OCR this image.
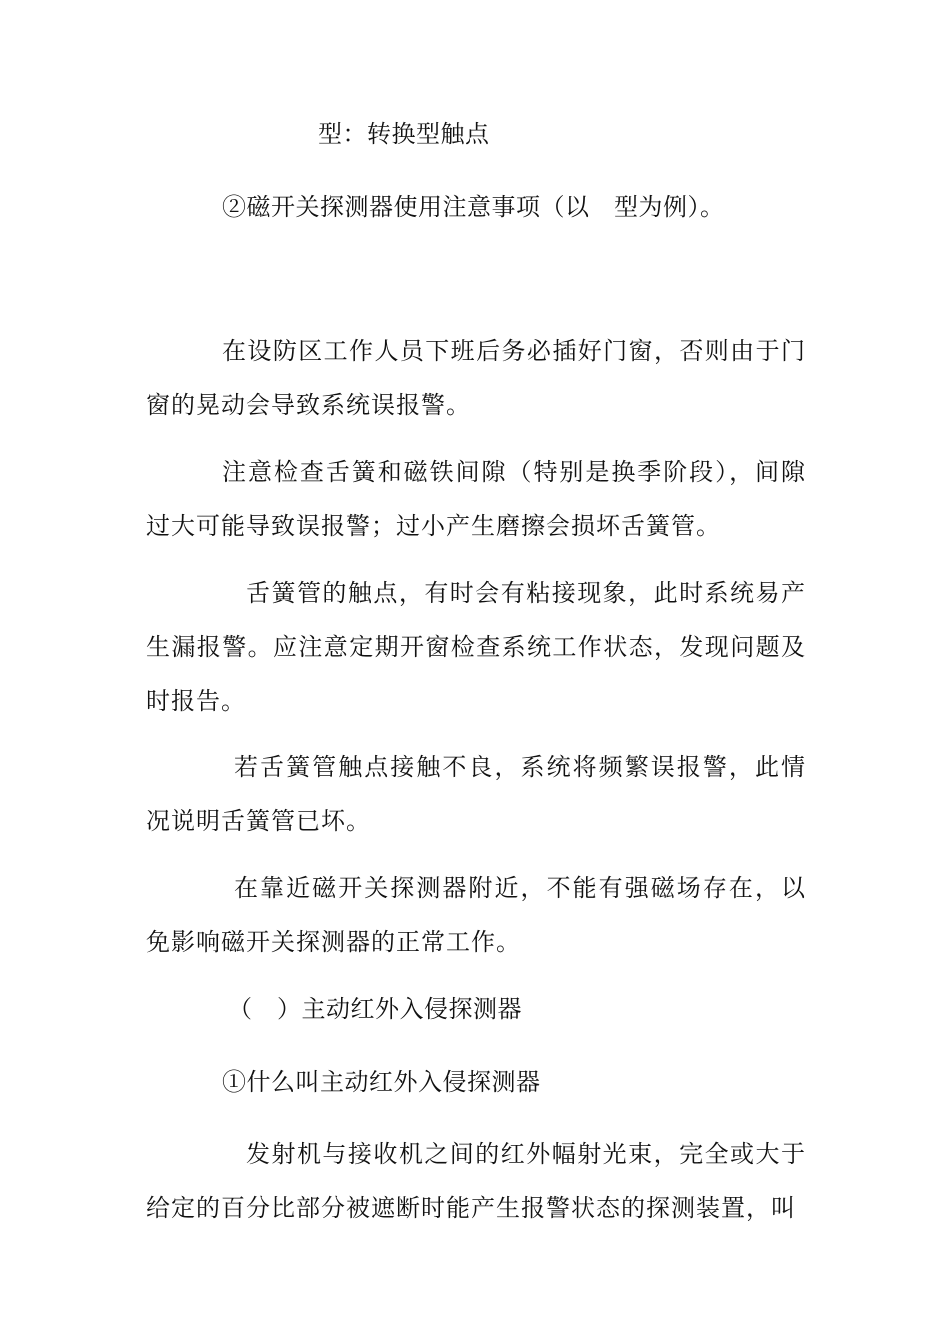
型：转换型触点
②磁开关探测器使用注意事项（以　型为例）。
在设防区工作人员下班后务必插好门窗，否则由于门窗的晃动会导致系统误报警。
注意检查舌簧和磁铁间隙（特别是换季阶段），间隙过大可能导致误报警；过小产生磨擦会损坏舌簧管。
舌簧管的触点，有时会有粘接现象，此时系统易产生漏报警。应注意定期开窗检查系统工作状态，发现问题及时报告。
若舌簧管触点接触不良，系统将频繁误报警，此情况说明舌簧管已坏。
在靠近磁开关探测器附近，不能有强磁场存在，以免影响磁开关探测器的正常工作。
（　）主动红外入侵探测器
①什么叫主动红外入侵探测器
发射机与接收机之间的红外幅射光束，完全或大于给定的百分比部分被遮断时能产生报警状态的探测装置，叫
